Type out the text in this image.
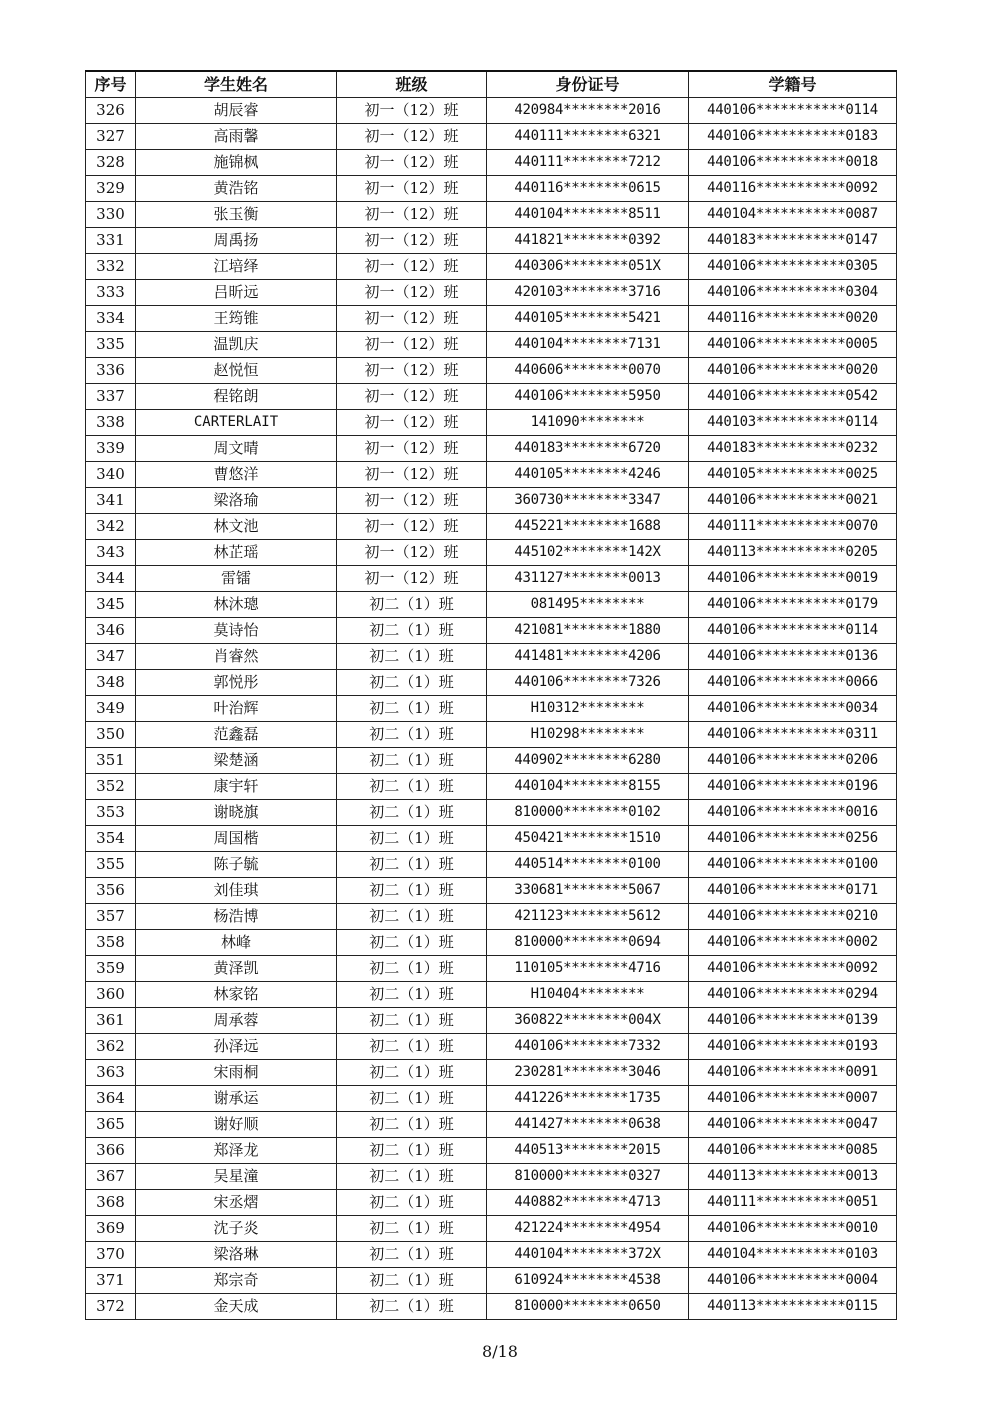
序号	学生姓名	班级	身份证号	学籍号
326	胡辰睿	初一（12）班	420984********2016	440106***********0114
327	高雨馨	初一（12）班	440111********6321	440106***********0183
328	施锦枫	初一（12）班	440111********7212	440106***********0018
329	黄浩铭	初一（12）班	440116********0615	440116***********0092
330	张玉衡	初一（12）班	440104********8511	440104***********0087
331	周禹扬	初一（12）班	441821********0392	440183***********0147
332	江培绎	初一（12）班	440306********051X	440106***********0305
333	吕昕远	初一（12）班	420103********3716	440106***********0304
334	王筠锥	初一（12）班	440105********5421	440116***********0020
335	温凯庆	初一（12）班	440104********7131	440106***********0005
336	赵悦恒	初一（12）班	440606********0070	440106***********0020
337	程铭朗	初一（12）班	440106********5950	440106***********0542
338	CARTERLAIT	初一（12）班	141090********	440103***********0114
339	周文晴	初一（12）班	440183********6720	440183***********0232
340	曹悠洋	初一（12）班	440105********4246	440105***********0025
341	梁洛瑜	初一（12）班	360730********3347	440106***********0021
342	林文池	初一（12）班	445221********1688	440111***********0070
343	林芷瑶	初一（12）班	445102********142X	440113***********0205
344	雷镭	初一（12）班	431127********0013	440106***********0019
345	林沐璁	初二（1）班	081495********	440106***********0179
346	莫诗怡	初二（1）班	421081********1880	440106***********0114
347	肖睿然	初二（1）班	441481********4206	440106***********0136
348	郭悦彤	初二（1）班	440106********7326	440106***********0066
349	叶治辉	初二（1）班	H10312********	440106***********0034
350	范鑫磊	初二（1）班	H10298********	440106***********0311
351	梁楚涵	初二（1）班	440902********6280	440106***********0206
352	康宇轩	初二（1）班	440104********8155	440106***********0196
353	谢晓旗	初二（1）班	810000********0102	440106***********0016
354	周国楷	初二（1）班	450421********1510	440106***********0256
355	陈子毓	初二（1）班	440514********0100	440106***********0100
356	刘佳琪	初二（1）班	330681********5067	440106***********0171
357	杨浩博	初二（1）班	421123********5612	440106***********0210
358	林峰	初二（1）班	810000********0694	440106***********0002
359	黄泽凯	初二（1）班	110105********4716	440106***********0092
360	林家铭	初二（1）班	H10404********	440106***********0294
361	周承蓉	初二（1）班	360822********004X	440106***********0139
362	孙泽远	初二（1）班	440106********7332	440106***********0193
363	宋雨桐	初二（1）班	230281********3046	440106***********0091
364	谢承运	初二（1）班	441226********1735	440106***********0007
365	谢好顺	初二（1）班	441427********0638	440106***********0047
366	郑泽龙	初二（1）班	440513********2015	440106***********0085
367	吴星潼	初二（1）班	810000********0327	440113***********0013
368	宋丞熠	初二（1）班	440882********4713	440111***********0051
369	沈子炎	初二（1）班	421224********4954	440106***********0010
370	梁洛琳	初二（1）班	440104********372X	440104***********0103
371	郑宗奇	初二（1）班	610924********4538	440106***********0004
372	金天成	初二（1）班	810000********0650	440113***********0115
8/18
